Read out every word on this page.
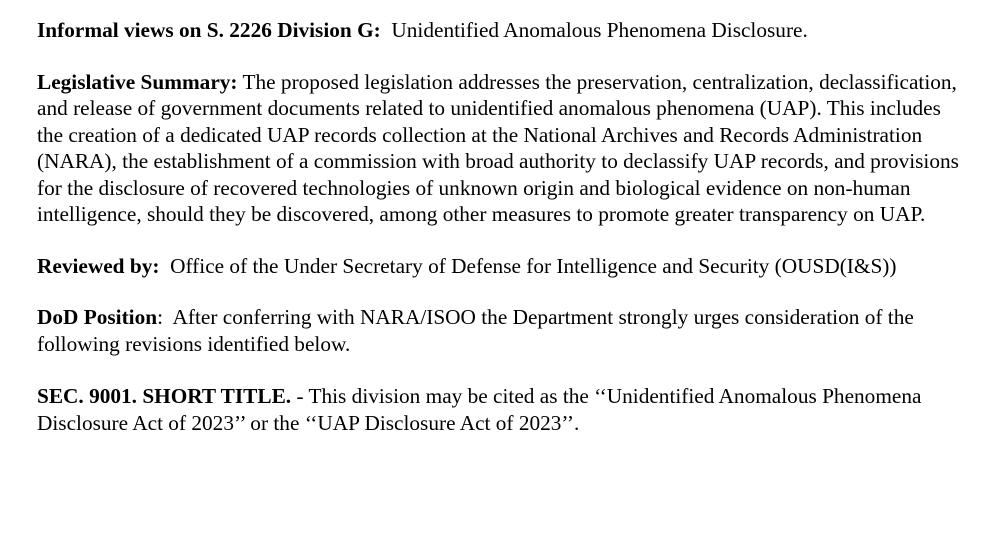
Informal views on S. 2226 Division G: Unidentified Anomalous Phenomena Disclosure.

Legislative Summary: The proposed legislation addresses the preservation, centralization, declassification, and release of government documents related to unidentified anomalous phenomena (UAP). This includes the creation of a dedicated UAP records collection at the National Archives and Records Administration (NARA), the establishment of a commission with broad authority to declassify UAP records, and provisions for the disclosure of recovered technologies of unknown origin and biological evidence on non-human intelligence, should they be discovered, among other measures to promote greater transparency on UAP.

Reviewed by: Office of the Under Secretary of Defense for Intelligence and Security (OUSD(I&S))

DoD Position: After conferring with NARA/ISOO the Department strongly urges consideration of the following revisions identified below.

SEC. 9001. SHORT TITLE. - This division may be cited as the ‘‘Unidentified Anomalous Phenomena Disclosure Act of 2023’’ or the ‘‘UAP Disclosure Act of 2023’’.
